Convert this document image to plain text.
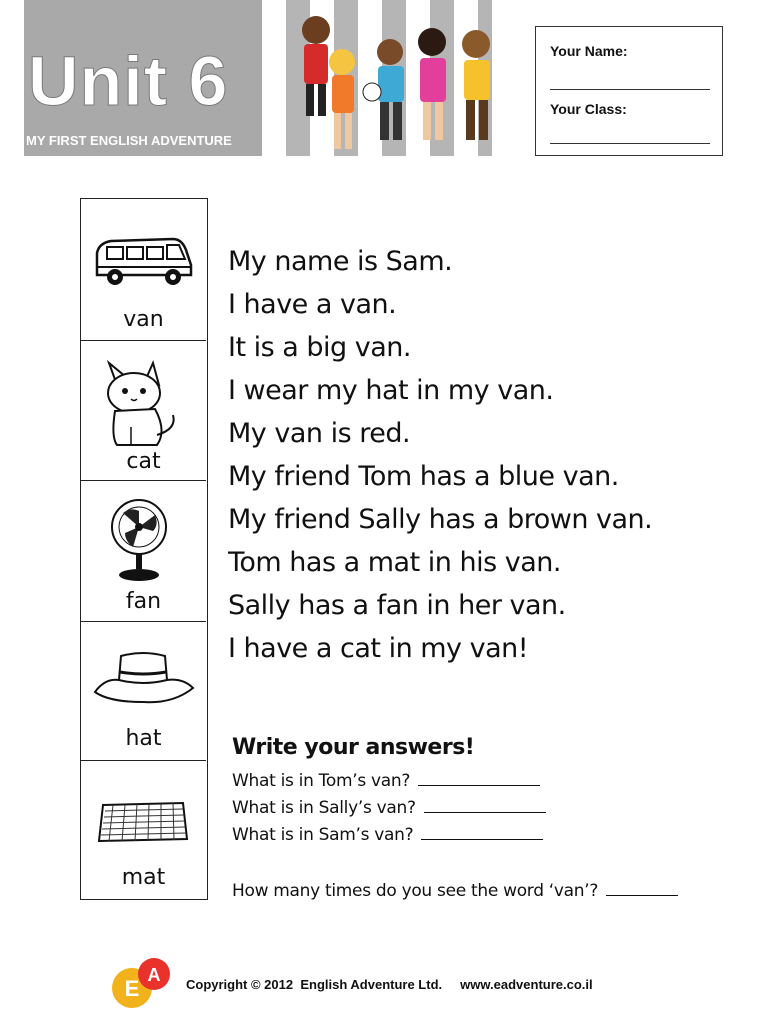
Unit 6
MY FIRST ENGLISH ADVENTURE
Your Name:
Your Class:
van
cat
fan
hat
mat
My name is Sam.
I have a van.
It is a big van.
I wear my hat in my van.
My van is red.
My friend Tom has a blue van.
My friend Sally has a brown van.
Tom has a mat in his van.
Sally has a fan in her van.
I have a cat in my van!
Write your answers!
What is in Tom’s van?
What is in Sally’s van?
What is in Sam’s van?
How many times do you see the word ‘van’?
E
A Copyright © 2012  English Adventure Ltd.     www.eadventure.co.il
